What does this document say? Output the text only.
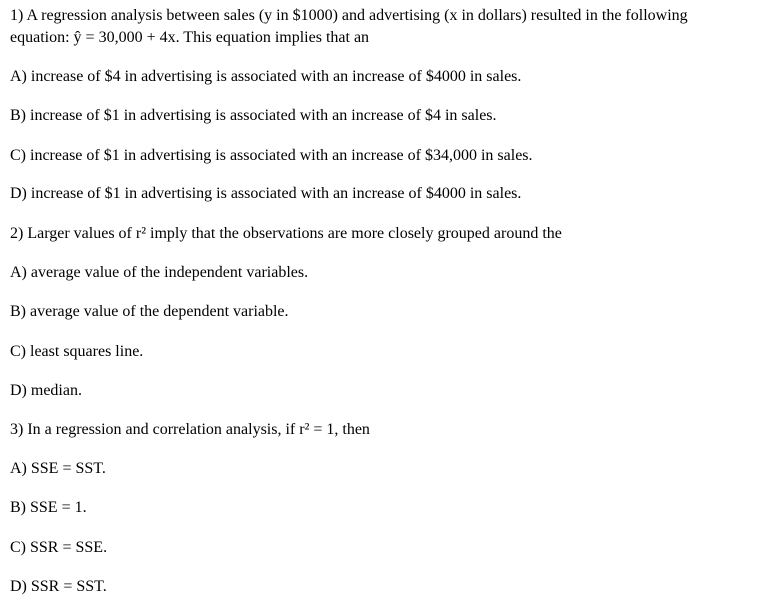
1) A regression analysis between sales (y in $1000) and advertising (x in dollars) resulted in the following
equation: ŷ = 30,000 + 4x. This equation implies that an
A) increase of $4 in advertising is associated with an increase of $4000 in sales.
B) increase of $1 in advertising is associated with an increase of $4 in sales.
C) increase of $1 in advertising is associated with an increase of $34,000 in sales.
D) increase of $1 in advertising is associated with an increase of $4000 in sales.
2) Larger values of r² imply that the observations are more closely grouped around the
A) average value of the independent variables.
B) average value of the dependent variable.
C) least squares line.
D) median.
3) In a regression and correlation analysis, if r² = 1, then
A) SSE = SST.
B) SSE = 1.
C) SSR = SSE.
D) SSR = SST.
